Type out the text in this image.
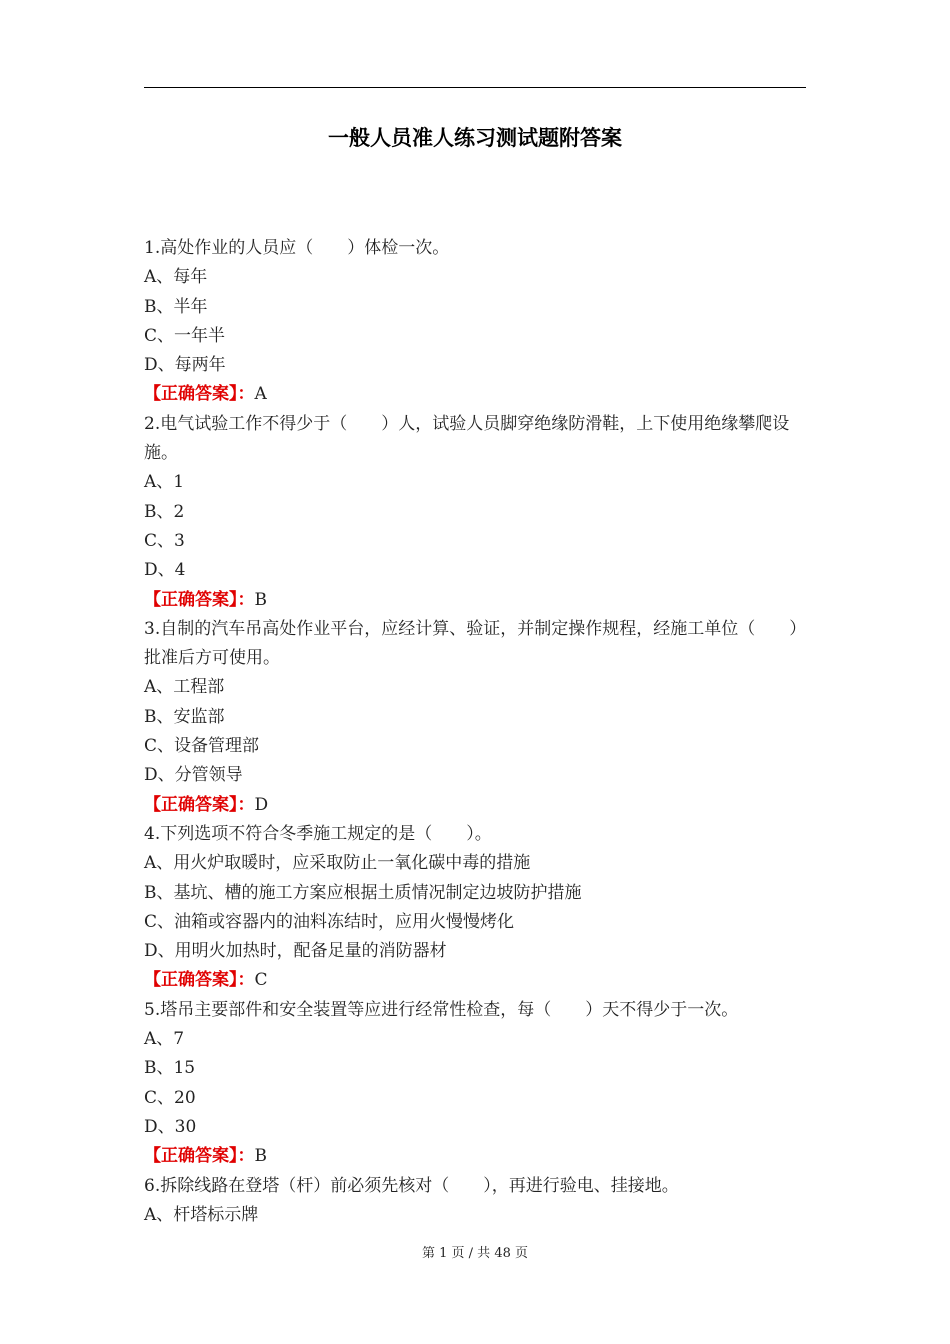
一般人员准人练习测试题附答案
1.高处作业的人员应（　　）体检一次。
A、每年
B、半年
C、一年半
D、每两年
【正确答案】：A
2.电气试验工作不得少于（　　）人，试验人员脚穿绝缘防滑鞋，上下使用绝缘攀爬设施。
A、1
B、2
C、3
D、4
【正确答案】：B
3.自制的汽车吊高处作业平台，应经计算、验证，并制定操作规程，经施工单位（　　）批准后方可使用。
A、工程部
B、安监部
C、设备管理部
D、分管领导
【正确答案】：D
4.下列选项不符合冬季施工规定的是（　　）。
A、用火炉取暖时，应采取防止一氧化碳中毒的措施
B、基坑、槽的施工方案应根据土质情况制定边坡防护措施
C、油箱或容器内的油料冻结时，应用火慢慢烤化
D、用明火加热时，配备足量的消防器材
【正确答案】：C
5.塔吊主要部件和安全装置等应进行经常性检查，每（　　）天不得少于一次。
A、7
B、15
C、20
D、30
【正确答案】：B
6.拆除线路在登塔（杆）前必须先核对（　　），再进行验电、挂接地。
A、杆塔标示牌
第 1 页 / 共 48 页
